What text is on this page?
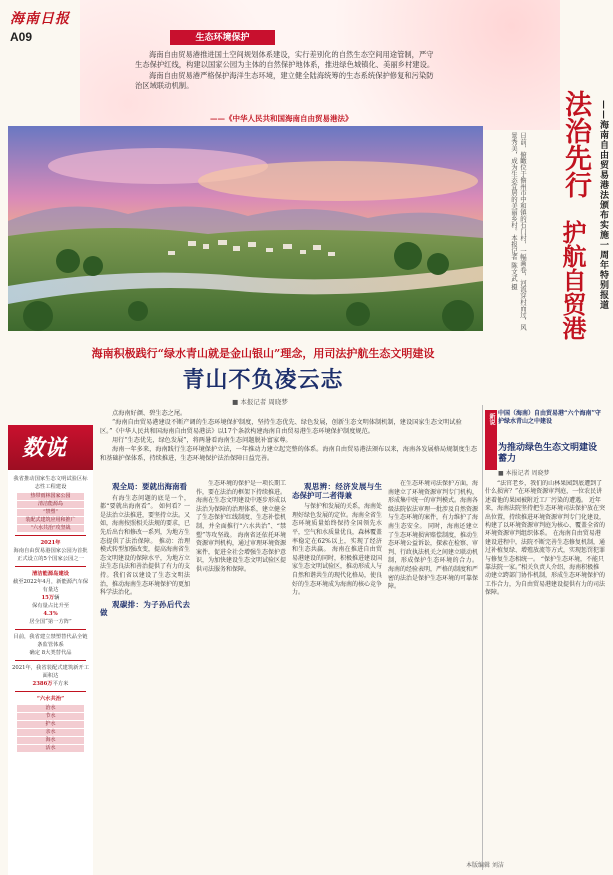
海南日报
A09	生态环境保护

海南自由贸易港推进国土空间规划体系建设，实行差别化的自然生态空间用途管制，严守生态保护红线，构建以国家公园为主体的自然保护地体系，推进绿色城镇化、美丽乡村建设。

海南自由贸易港严格保护海洋生态环境，建立健全陆海统筹的生态系统保护修复和污染防治区域联动机制。

——《中华人民共和国海南自由贸易港法》
日前，俯瞰位于儋州市中和镇的石门村，一幅画卷，河流穿村而过，风景秀美，成为生态宜居的美丽乡村。本报记者 陈文武 摄	法治先行
护航自贸港 ——海南自由贸易港法颁布实施一周年特别报道
海南积极践行“绿水青山就是金山银山”理念，用司法护航生态文明建设
青山不负凌云志
■ 本报记者 周晓梦

点海南好颜、碧生态之尾。

“海南自由贸易港建设不断产调的生态环境保护制度，坚持生态优先、绿色发展，创新生态文明体制机制，建设国家生态文明试验区。”《中华人民共和国海南自由贸易港法》以17个条款构建海南自由贸易港生态环境保护制度规范。

用行“生态优先，绿色发展”，将两暑看海南生态问题脱补富家尊。

海南一年多来，海南践行生态环境保护立法，一年推动力建立起完整的体系。海南自由贸易港法颁布以来，海南各发展格局规制度生态和基础护保体系，持续推进，生态环境保护法治保障日益完善。

数说
我省推动国家生态文明试验区标志性工程建设
热带雨林国家公园
清洁能源岛
“禁塑”
装配式建筑应用和推广
“六水共治”攻坚战
2021年
海南自由贸易港国家公园为首批正式设立的5个国家公园之一
清洁能源岛建设
截至2022年4月，新能源汽车保有量达
15万辆
保有量占比升至
4.3%
居全国“第一方阵”
目前，我省建立禁塑替代品全链条监管体系
确定 8大类替代品
2021年，我省装配式建筑新开工面积达
2386万平方米
“六水共治”
治水
节水
护水
亲水
海水
活水

观全局：要就出海南看

有海生态问题的底是一个，都“要就出海南看”。 如何看？一是法治立法推进，要坚持立法。又如，海南按照相关法规的要求，已先后出台和修改一系列，为地方生态提供了法治保障。 推动：治理模式转型加强改变，提高海南省生态文明建设的保障水平，为地方立法生态良法和善治提供了有力的支持。我们省以建设了生态文明法治，推动海南生态环境保护的更加科学法治化。

观碳排：为子孙后代去做

生态环境的保护是一项长期工作，要在法治的框架下持续推进。海南在生态文明建设中逐步形成以法治为保障的治理体系，建立健全了生态保护红线制度、生态补偿机制，并全面推行“六水共治”、“禁塑”等攻坚战。 海南省还依托环境资源审判机构，通过审理环境资源案件，促进全社会增强生态保护意识，为加快建设生态文明试验区提供司法服务和保障。

观思辨：经济发展与生态保护可二者得兼

与保护和发展的关系，海南处理好绿色发展的定位。海南全省生态环境质量始终保持全国领先水平，空气和水质量优良，森林覆盖率稳定在62%以上，实现了经济和生态共赢。 海南在推进自由贸易港建设的同时，积极推进建设国家生态文明试验区，推动形成人与自然和谐共生的现代化格局，使良好的生态环境成为海南的核心竞争力。

在生态环境司法保护方面，海南建立了环境资源审判专门机构，形成集中统一的审判模式。海南各级法院依法审理一批涉及自然资源与生态环境的案件，有力维护了海南生态安全。 同时，海南还建立了生态环境损害赔偿制度，推动生态环境公益诉讼，探索在检察、审判、行政执法机关之间建立联动机制，形成保护生态环境的合力。 海南的经验表明，严格的制度和严密的法治是保护生态环境的可靠保障。

新说 中国（海南）自由贸易港“六个海南”守护绿水青山之中建设
为推动绿色生态文明建设蓄力
■ 本报记者 周晓梦

“法官老乡，我们的山林果园到底遭到了什么损害？”在环境资源审判庭，一位农民讲述着他的果园被附近工厂污染的遭遇。 近年来，海南法院坚持把生态环境司法保护放在突出位置，持续推进环境资源审判专门化建设，构建了以环境资源审判庭为核心、覆盖全省的环境资源审判组织体系。 在海南自由贸易港建设进程中，法院不断完善生态修复机制，通过补植复绿、增殖放流等方式，实现惩罚犯罪与修复生态相统一。 “保护生态环境，不能只靠法院一家。”相关负责人介绍，海南积极推动建立跨部门协作机制，形成生态环境保护的工作合力，为自由贸易港建设提供有力的司法保障。

本版编辑 刘洁
